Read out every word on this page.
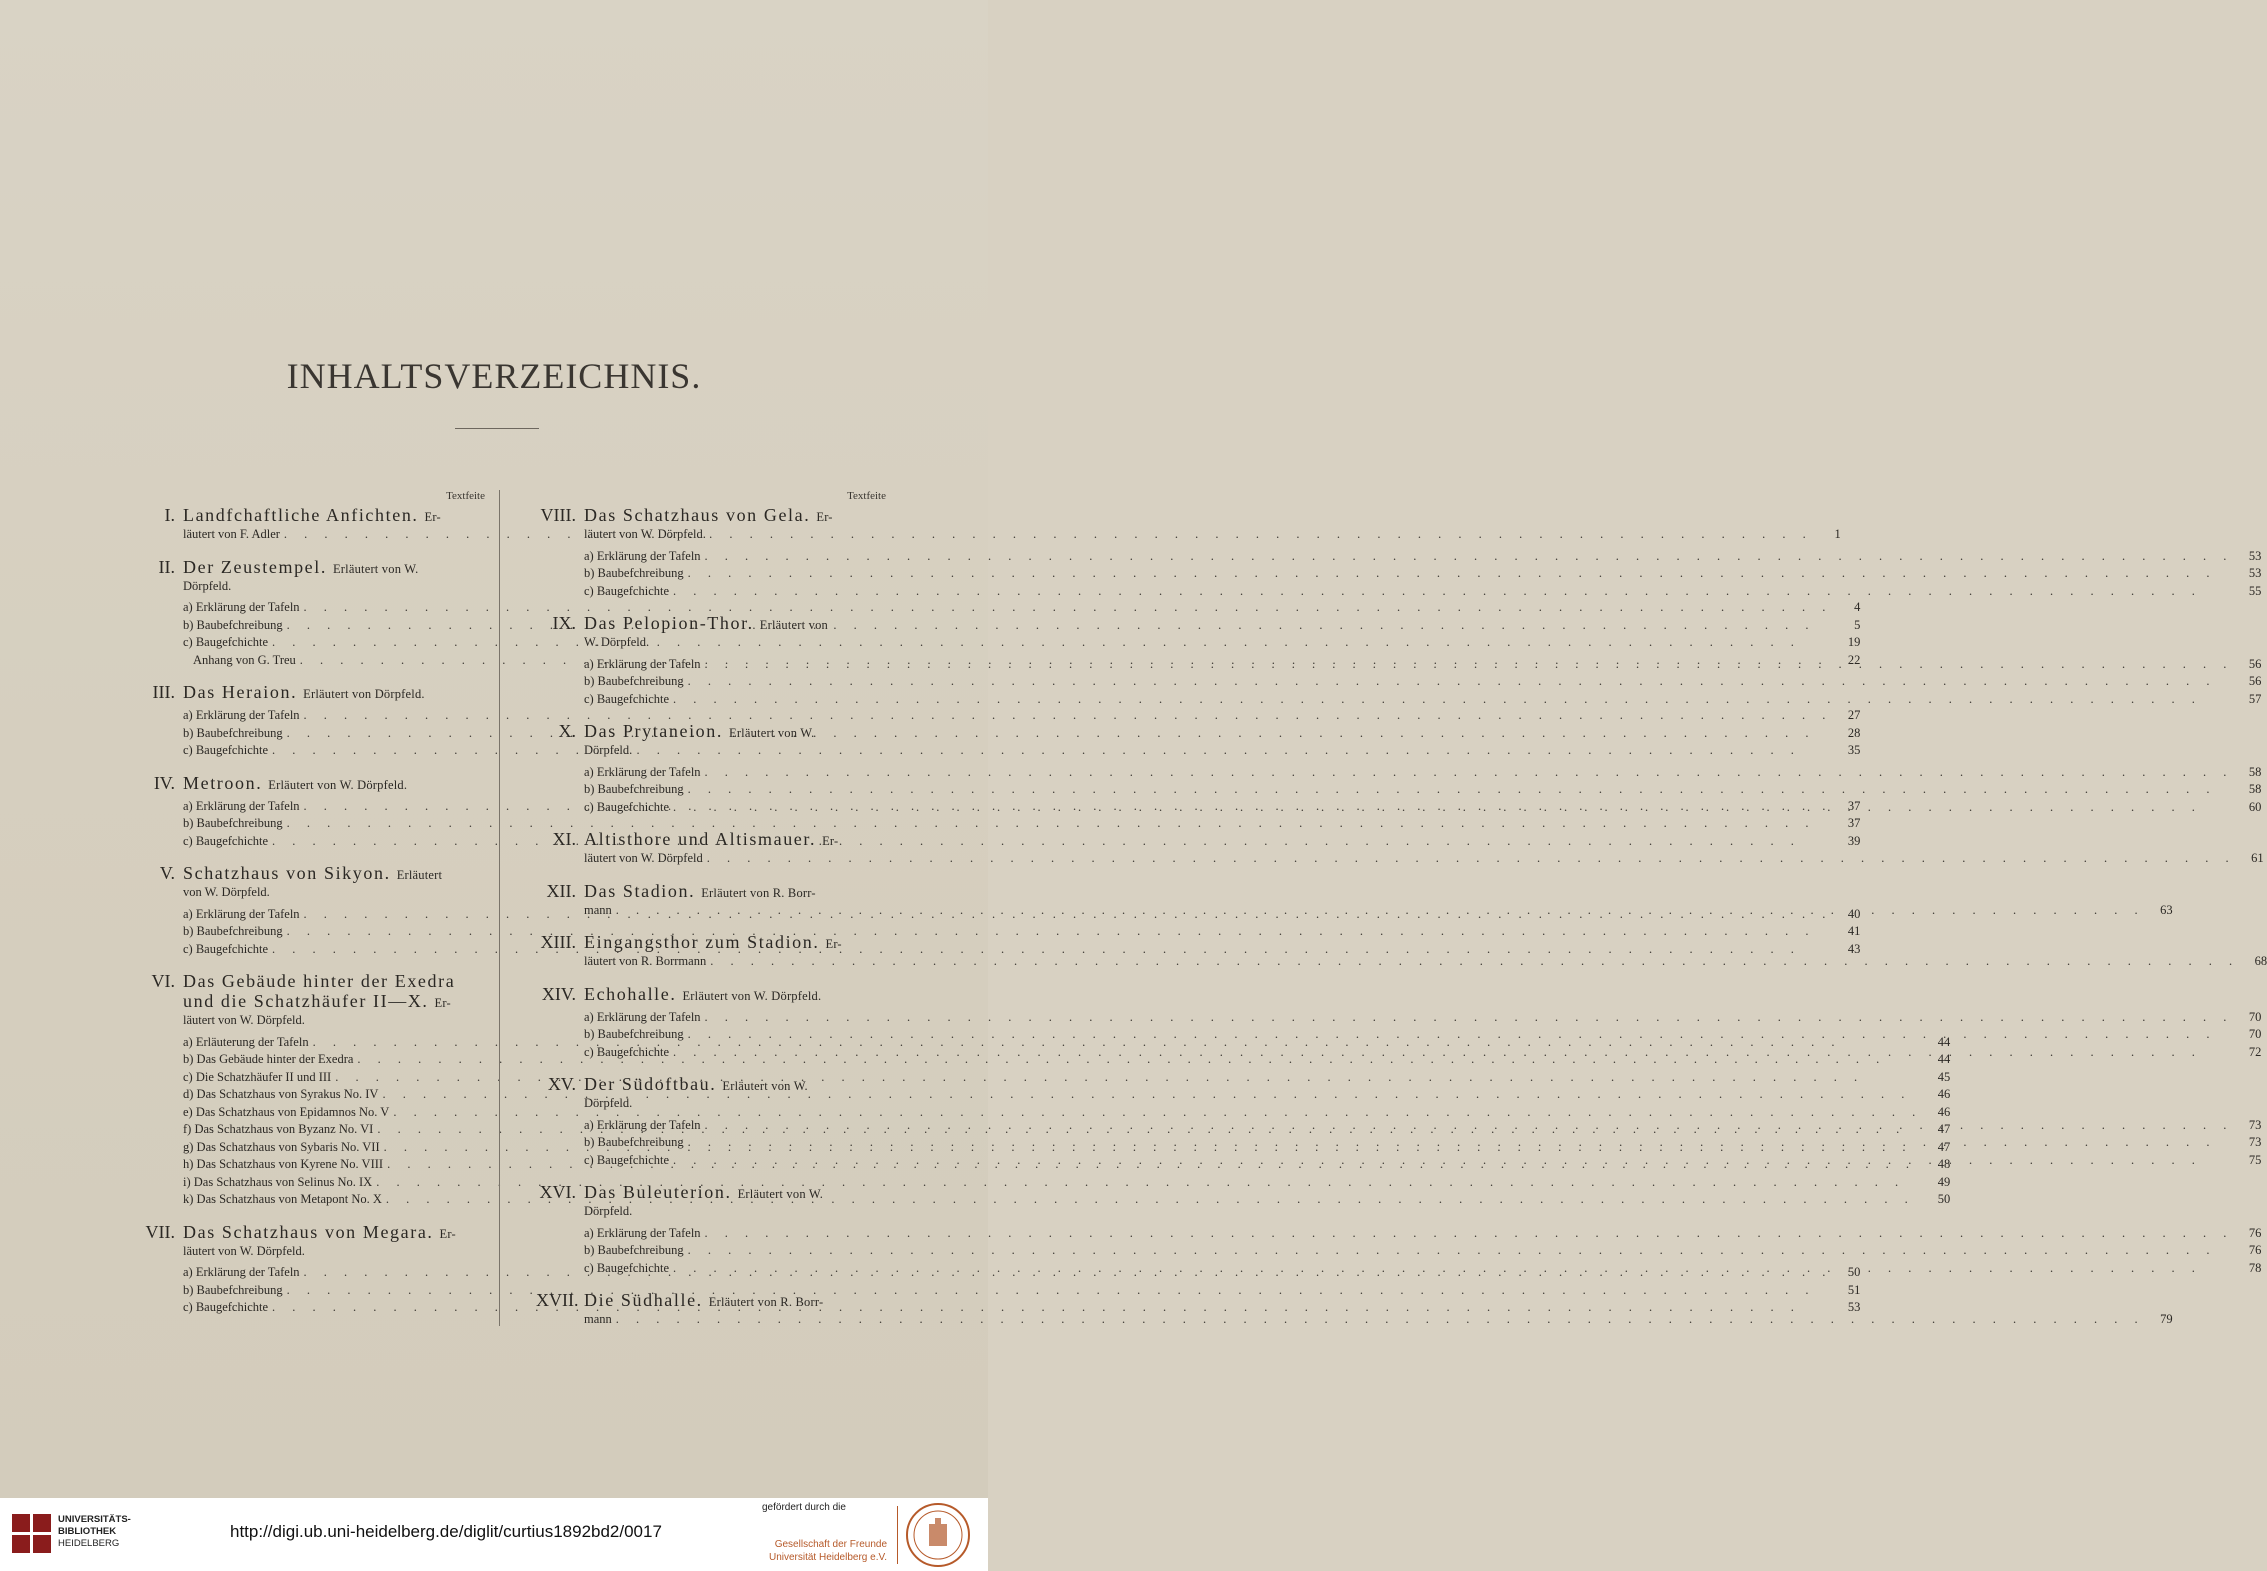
INHALTSVERZEICHNIS.
Textfeite
I. Landfchaftliche Anfichten. Er-
läutert von F. Adler . . .	1
II. Der Zeustempel. Erläutert von W.
Dörpfeld.
a) Erklärung der Tafeln . . .	4
b) Baubefchreibung . . .	5
c) Baugefchichte . . .	19
Anhang von G. Treu . . .	22
III. Das Heraion. Erläutert von Dörpfeld.
a) Erklärung der Tafeln . . .	27
b) Baubefchreibung . . .	28
c) Baugefchichte . . .	35
IV. Metroon. Erläutert von W. Dörpfeld.
a) Erklärung der Tafeln . . .	37
b) Baubefchreibung . . .	37
c) Baugefchichte . . .	39
V. Schatzhaus von Sikyon. Erläutert
von W. Dörpfeld.
a) Erklärung der Tafeln . . .	40
b) Baubefchreibung . . .	41
c) Baugefchichte . . .	43
VI. Das Gebäude hinter der Exedra
und die Schatzhäufer II—X. Er-
läutert von W. Dörpfeld.
a) Erläuterung der Tafeln . . .	44
b) Das Gebäude hinter der Exedra . . .	44
c) Die Schatzhäufer II und III . . .	45
d) Das Schatzhaus von Syrakus No. IV . . .	46
e) Das Schatzhaus von Epidamnos No. V . . .	46
f) Das Schatzhaus von Byzanz No. VI . . .	47
g) Das Schatzhaus von Sybaris No. VII . . .	47
h) Das Schatzhaus von Kyrene No. VIII . . .	48
i) Das Schatzhaus von Selinus No. IX . . .	49
k) Das Schatzhaus von Metapont No. X . . .	50
VII. Das Schatzhaus von Megara. Er-
läutert von W. Dörpfeld.
a) Erklärung der Tafeln . . .	50
b) Baubefchreibung . . .	51
c) Baugefchichte . . .	53
Textfeite
VIII. Das Schatzhaus von Gela. Er-
läutert von W. Dörpfeld.
a) Erklärung der Tafeln . . .	53
b) Baubefchreibung . . .	53
c) Baugefchichte . . .	55
IX. Das Pelopion-Thor. Erläutert von
W. Dörpfeld.
a) Erklärung der Tafeln . . .	56
b) Baubefchreibung . . .	56
c) Baugefchichte . . .	57
X. Das Prytaneion. Erläutert von W.
Dörpfeld.
a) Erklärung der Tafeln . . .	58
b) Baubefchreibung . . .	58
c) Baugefchichte . . .	60
XI. Altisthore und Altismauer. Er-
läutert von W. Dörpfeld . . .	61
XII. Das Stadion. Erläutert von R. Borr-
mann . . .	63
XIII. Eingangsthor zum Stadion. Er-
läutert von R. Borrmann . . .	68
XIV. Echohalle. Erläutert von W. Dörpfeld.
a) Erklärung der Tafeln . . .	70
b) Baubefchreibung . . .	70
c) Baugefchichte . . .	72
XV. Der Südoftbau. Erläutert von W.
Dörpfeld.
a) Erklärung der Tafeln . . .	73
b) Baubefchreibung . . .	73
c) Baugefchichte . . .	75
XVI. Das Buleuterion. Erläutert von W.
Dörpfeld.
a) Erklärung der Tafeln . . .	76
b) Baubefchreibung . . .	76
c) Baugefchichte . . .	78
XVII. Die Südhalle. Erläutert von R. Borr-
mann . . .	79
UNIVERSITÄTS-
BIBLIOTHEK
HEIDELBERG
http://digi.ub.uni-heidelberg.de/diglit/curtius1892bd2/0017
gefördert durch die
Gesellschaft der Freunde
Universität Heidelberg e.V.
